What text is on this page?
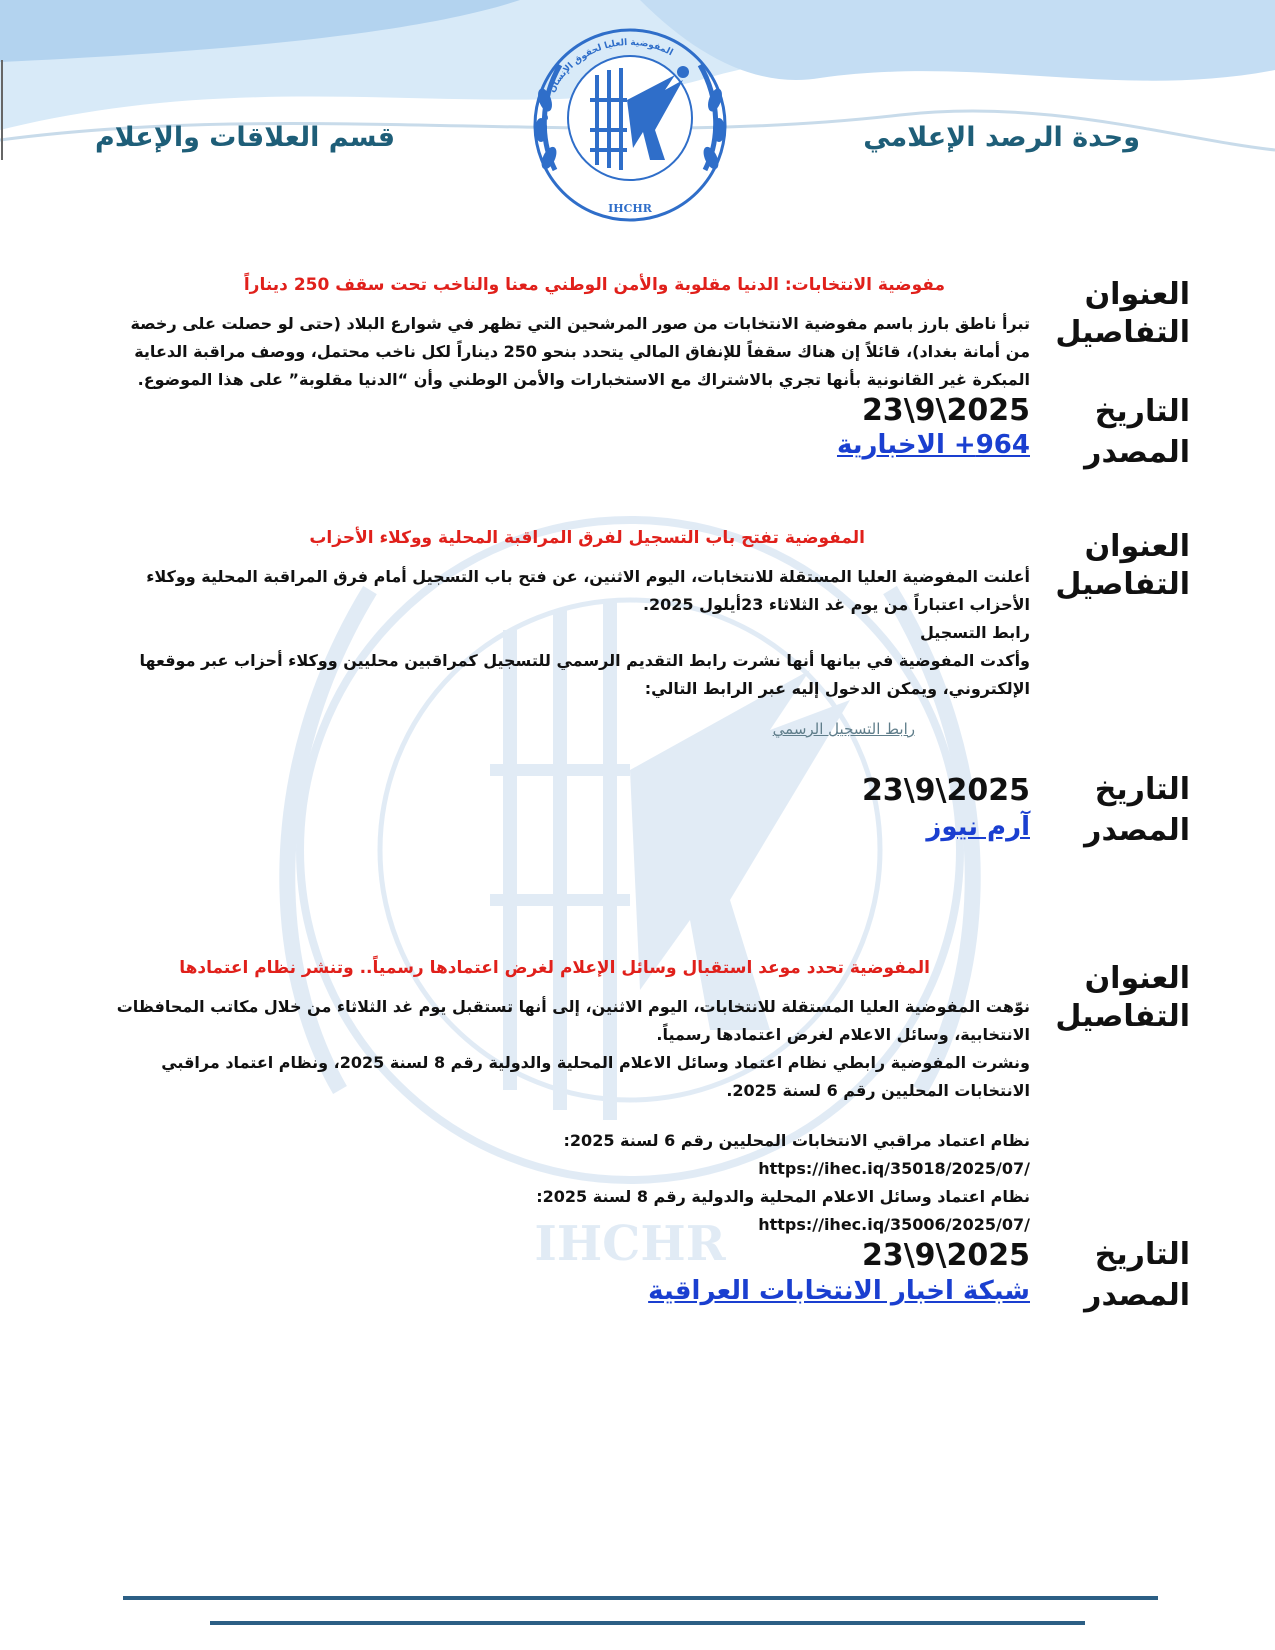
وحدة الرصد الإعلامي
قسم العلاقات والإعلام	المفوضية العليا لحقوق الإنسان - العراق
IHCHR
IHCHR
العنوان
التفاصيل
التاريخ
المصدر
مفوضية الانتخابات: الدنيا مقلوبة والأمن الوطني معنا والناخب تحت سقف 250 ديناراً
تبرأ ناطق بارز باسم مفوضية الانتخابات من صور المرشحين التي تظهر في شوارع البلاد (حتى لو حصلت على رخصة من أمانة بغداد)، قائلاً إن هناك سقفاً للإنفاق المالي يتحدد بنحو 250 ديناراً لكل ناخب محتمل، ووصف مراقبة الدعاية المبكرة غير القانونية بأنها تجري بالاشتراك مع الاستخبارات والأمن الوطني وأن “الدنيا مقلوبة” على هذا الموضوع.
2025\9\23
964+ الاخبارية
العنوان
التفاصيل
التاريخ
المصدر
المفوضية تفتح باب التسجيل لفرق المراقبة المحلية ووكلاء الأحزاب
أعلنت المفوضية العليا المستقلة للانتخابات، اليوم الاثنين، عن فتح باب التسجيل أمام فرق المراقبة المحلية ووكلاء الأحزاب اعتباراً من يوم غد الثلاثاء 23أيلول 2025.
رابط التسجيل
وأكدت المفوضية في بيانها أنها نشرت رابط التقديم الرسمي للتسجيل كمراقبين محليين ووكلاء أحزاب عبر موقعها الإلكتروني، ويمكن الدخول إليه عبر الرابط التالي:
رابط التسجيل الرسمي
2025\9\23
آرم نيوز
العنوان
التفاصيل
التاريخ
المصدر
المفوضية تحدد موعد استقبال وسائل الإعلام لغرض اعتمادها رسمياً.. وتنشر نظام اعتمادها
نوّهت المفوضية العليا المستقلة للانتخابات، اليوم الاثنين، إلى أنها تستقبل يوم غد الثلاثاء من خلال مكاتب المحافظات الانتخابية، وسائل الاعلام لغرض اعتمادها رسمياً.
ونشرت المفوضية رابطي نظام اعتماد وسائل الاعلام المحلية والدولية رقم 8 لسنة 2025، ونظام اعتماد مراقبي الانتخابات المحليين رقم 6 لسنة 2025.
نظام اعتماد مراقبي الانتخابات المحليين رقم 6 لسنة 2025:
https://ihec.iq/35018/2025/07/
نظام اعتماد وسائل الاعلام المحلية والدولية رقم 8 لسنة 2025:
https://ihec.iq/35006/2025/07/
2025\9\23
شبكة اخبار الانتخابات العراقية
